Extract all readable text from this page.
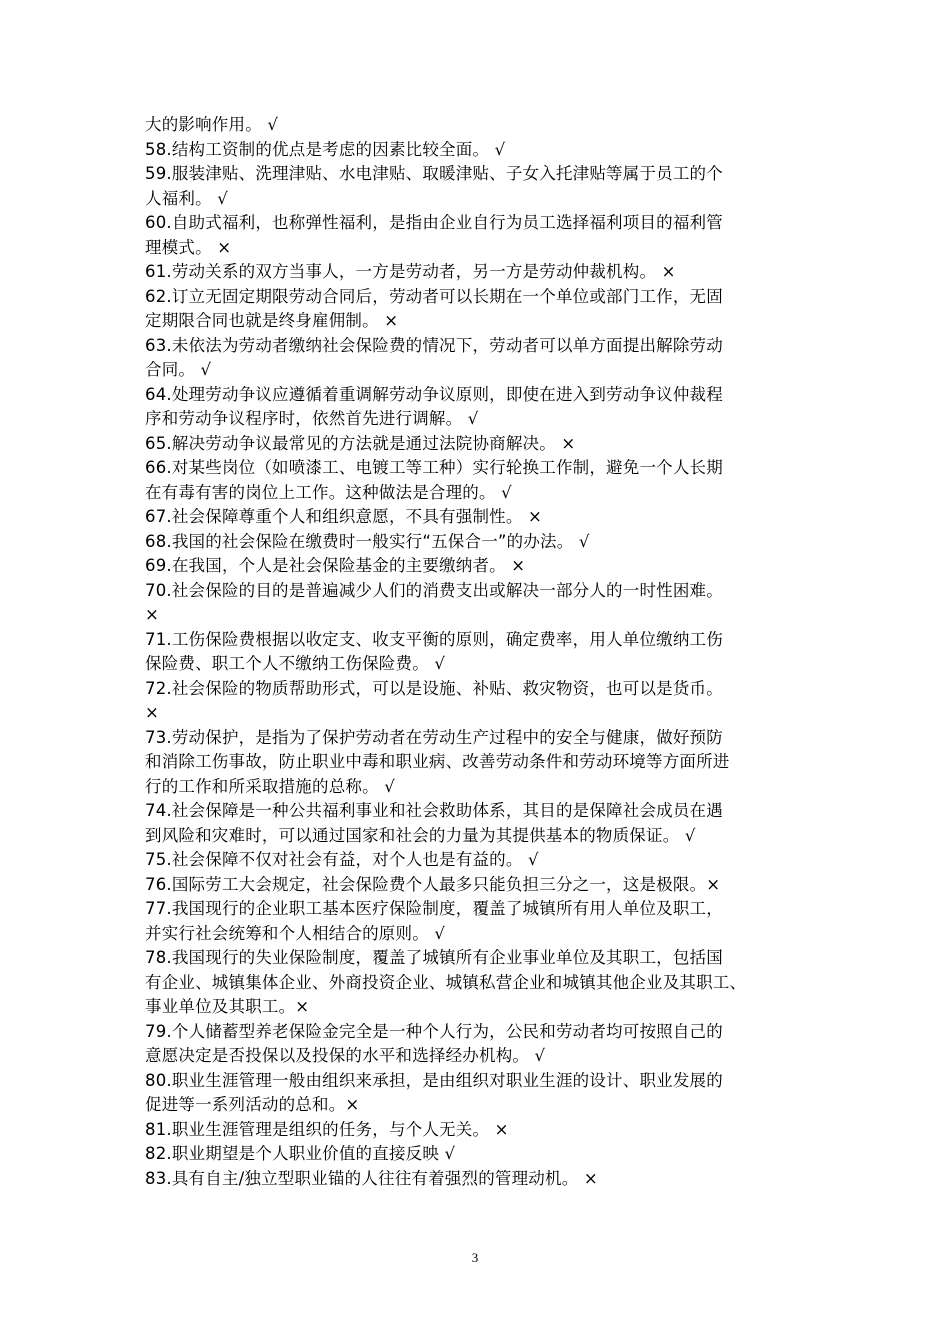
大的影响作用。 √
58.结构工资制的优点是考虑的因素比较全面。 √
59.服装津贴、洗理津贴、水电津贴、取暖津贴、子女入托津贴等属于员工的个
人福利。 √
60.自助式福利，也称弹性福利，是指由企业自行为员工选择福利项目的福利管
理模式。 ×
61.劳动关系的双方当事人，一方是劳动者，另一方是劳动仲裁机构。 ×
62.订立无固定期限劳动合同后，劳动者可以长期在一个单位或部门工作，无固
定期限合同也就是终身雇佣制。 ×
63.未依法为劳动者缴纳社会保险费的情况下，劳动者可以单方面提出解除劳动
合同。 √
64.处理劳动争议应遵循着重调解劳动争议原则，即使在进入到劳动争议仲裁程
序和劳动争议程序时，依然首先进行调解。 √
65.解决劳动争议最常见的方法就是通过法院协商解决。 ×
66.对某些岗位（如喷漆工、电镀工等工种）实行轮换工作制，避免一个人长期
在有毒有害的岗位上工作。这种做法是合理的。 √
67.社会保障尊重个人和组织意愿，不具有强制性。 ×
68.我国的社会保险在缴费时一般实行“五保合一”的办法。 √
69.在我国，个人是社会保险基金的主要缴纳者。 ×
70.社会保险的目的是普遍减少人们的消费支出或解决一部分人的一时性困难。
×
71.工伤保险费根据以收定支、收支平衡的原则，确定费率，用人单位缴纳工伤
保险费、职工个人不缴纳工伤保险费。 √
72.社会保险的物质帮助形式，可以是设施、补贴、救灾物资，也可以是货币。
×
73.劳动保护，是指为了保护劳动者在劳动生产过程中的安全与健康，做好预防
和消除工伤事故，防止职业中毒和职业病、改善劳动条件和劳动环境等方面所进
行的工作和所采取措施的总称。 √
74.社会保障是一种公共福利事业和社会救助体系，其目的是保障社会成员在遇
到风险和灾难时，可以通过国家和社会的力量为其提供基本的物质保证。 √
75.社会保障不仅对社会有益，对个人也是有益的。 √
76.国际劳工大会规定，社会保险费个人最多只能负担三分之一，这是极限。×
77.我国现行的企业职工基本医疗保险制度，覆盖了城镇所有用人单位及职工，
并实行社会统筹和个人相结合的原则。 √
78.我国现行的失业保险制度，覆盖了城镇所有企业事业单位及其职工，包括国
有企业、城镇集体企业、外商投资企业、城镇私营企业和城镇其他企业及其职工、
事业单位及其职工。×
79.个人储蓄型养老保险金完全是一种个人行为，公民和劳动者均可按照自己的
意愿决定是否投保以及投保的水平和选择经办机构。 √
80.职业生涯管理一般由组织来承担，是由组织对职业生涯的设计、职业发展的
促进等一系列活动的总和。×
81.职业生涯管理是组织的任务，与个人无关。 ×
82.职业期望是个人职业价值的直接反映 √
83.具有自主/独立型职业锚的人往往有着强烈的管理动机。 ×
3
